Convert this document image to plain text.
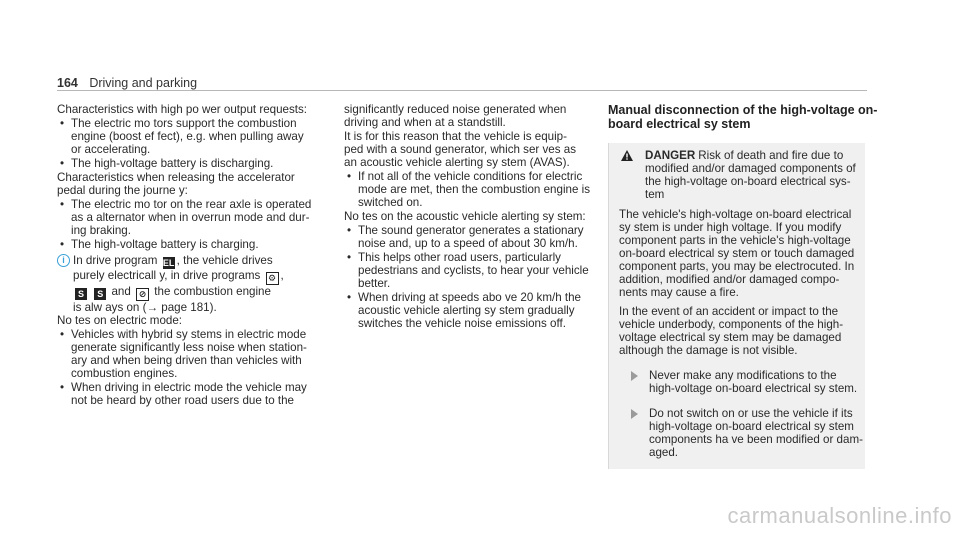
164 Driving and parking

Characteristics with high po wer output requests:

• The electric mo tors support the combustion
engine (boost ef fect), e.g. when pulling away
or accelerating.
• The high-voltage battery is discharging.

Characteristics when releasing the accelerator
pedal during the journe y:

• The electric mo tor on the rear axle is operated
as a alternator when in overrun mode and dur‐
ing braking.
• The high-voltage battery is charging.
i In drive program EL , the vehicle drives
purely electricall y, in drive programs ⚙ ,
S S and ⊘ the combustion engine
is alw ays on (→ page 181).

No tes on electric mode:

• Vehicles with hybrid sy stems in electric mode
generate significantly less noise when station‐
ary and when being driven than vehicles with
combustion engines.
• When driving in electric mode the vehicle may
not be heard by other road users due to the

significantly reduced noise generated when
driving and when at a standstill.

It is for this reason that the vehicle is equip‐
ped with a sound generator, which ser ves as
an acoustic vehicle alerting sy stem (AVAS).

• If not all of the vehicle conditions for electric
mode are met, then the combustion engine is
switched on.

No tes on the acoustic vehicle alerting sy stem:

• The sound generator generates a stationary
noise and, up to a speed of about 30 km/h.
• This helps other road users, particularly
pedestrians and cyclists, to hear your vehicle
better.
• When driving at speeds abo ve 20 km/h the
acoustic vehicle alerting sy stem gradually
switches the vehicle noise emissions off.
Manual disconnection of the high-voltage on-
board electrical sy stem
DANGER Risk of death and fire due to
modified and/or damaged components of
the high-voltage on-board electrical sys‐
tem

The vehicle's high-voltage on-board electrical
sy stem is under high voltage. If you modify
component parts in the vehicle's high-voltage
on-board electrical sy stem or touch damaged
component parts, you may be electrocuted. In
addition, modified and/or damaged compo‐
nents may cause a fire.

In the event of an accident or impact to the
vehicle underbody, components of the high-
voltage electrical sy stem may be damaged
although the damage is not visible.

Never make any modifications to the
high-voltage on-board electrical sy stem.
Do not switch on or use the vehicle if its
high-voltage on-board electrical sy stem
components ha ve been modified or dam‐
aged.
carmanualsonline.info
